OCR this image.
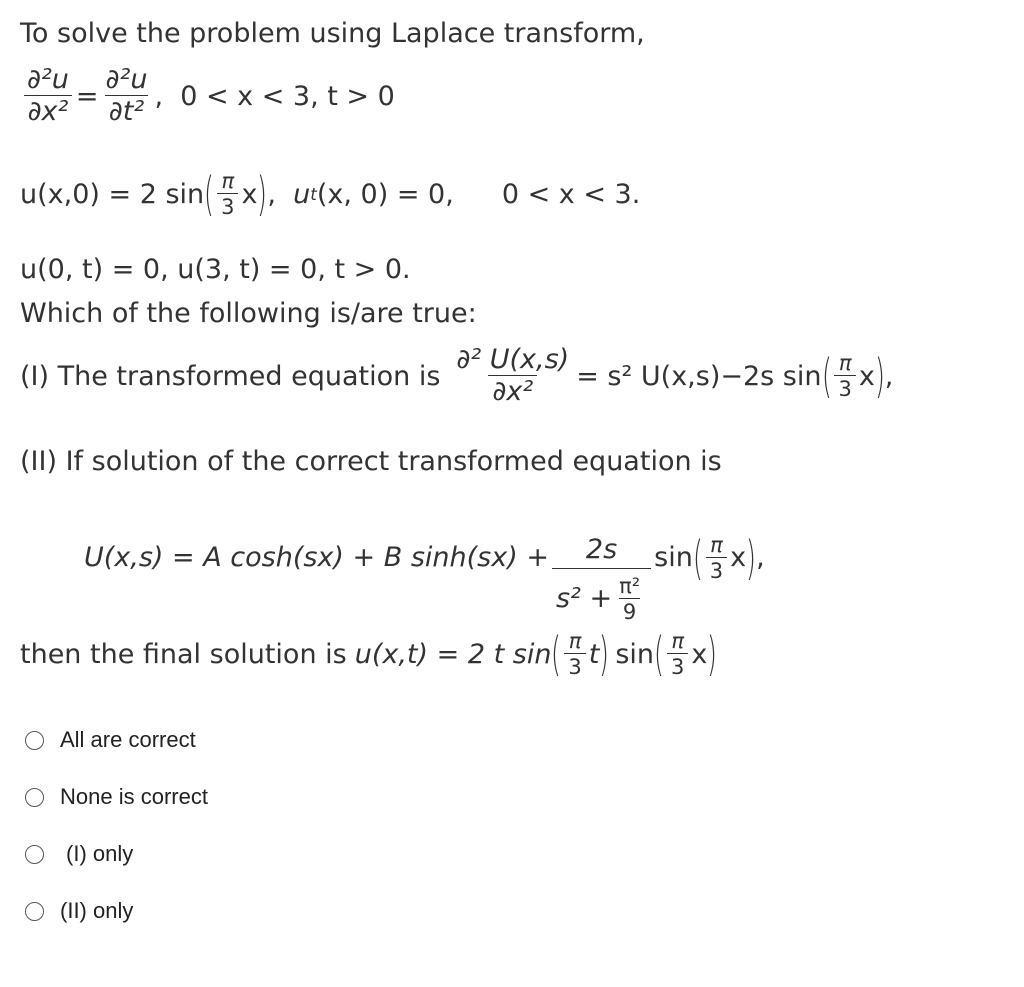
To solve the problem using Laplace transform,
$\frac{\text{∂²u}}{\text{∂x²}} = \frac{\text{∂²u}}{\text{∂t²}}$ , 0 < x < 3, t > 0
u(x,0) = 2 sin ( $\frac{\pi}{3}$ x ) , u t (x, 0) = 0, 0 < x < 3.
u(0, t) = 0, u(3, t) = 0, t > 0.
Which of the following is/are true:
(I) The transformed equation is $\frac{\text{∂² U(x,s)}}{\text{∂x²}} = s^2$ U(x,s)−2s sin ( $\frac{\pi}{3}$ x ) ,
(II) If solution of the correct transformed equation is
U(x,s) = A cosh(sx) + B $\sinh(sx) + \frac{2s}{s^2 + \frac{\text{π²}}{9}}$ sin ( $\frac{\pi}{3}$ x ) ,
then the final solution is u(x,t) = 2 t sin ( $\frac{\pi}{3}$ t ) sin ( $\frac{\pi}{3}$ x )
All are correct
None is correct
(I) only
(II) only
